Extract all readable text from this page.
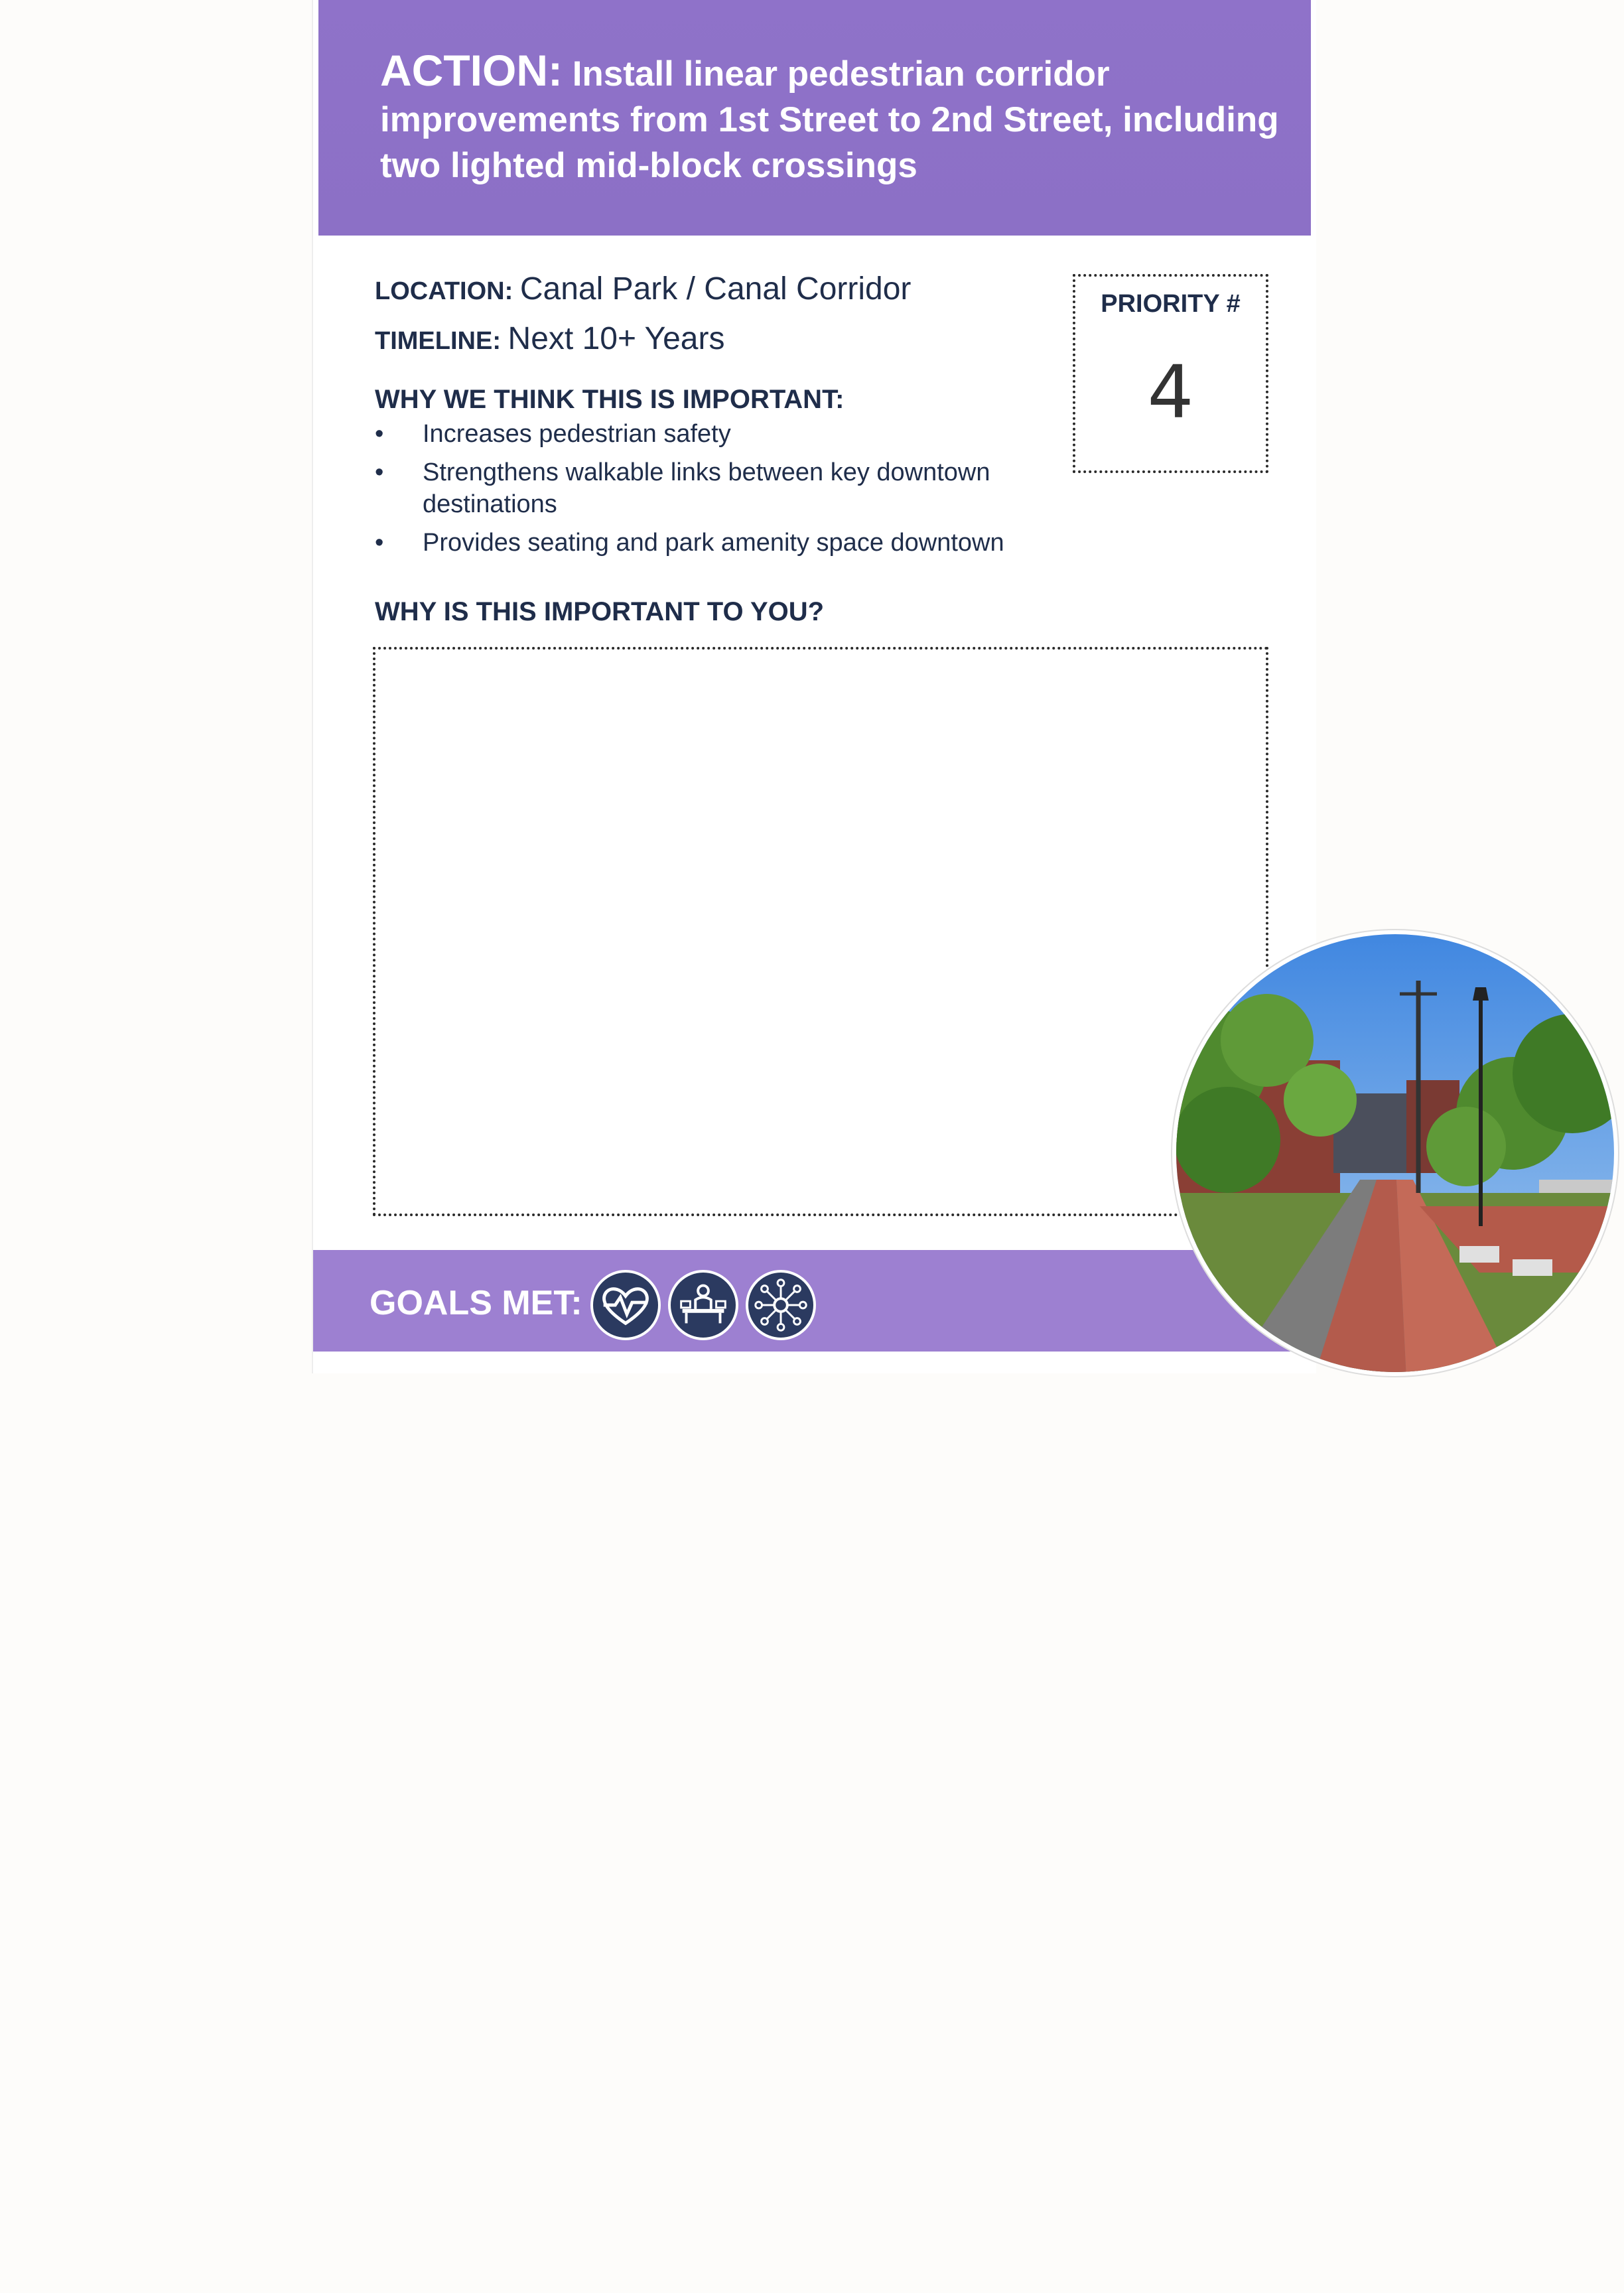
ACTION: Install linear pedestrian corridor improvements from 1st Street to 2nd Street, including two lighted mid-block crossings

LOCATION: Canal Park / Canal Corridor
TIMELINE: Next 10+ Years
PRIORITY #
4
WHY WE THINK THIS IS IMPORTANT:
• Increases pedestrian safety
• Strengthens walkable links between key downtown destinations
• Provides seating and park amenity space downtown
WHY IS THIS IMPORTANT TO YOU?
GOALS MET:
